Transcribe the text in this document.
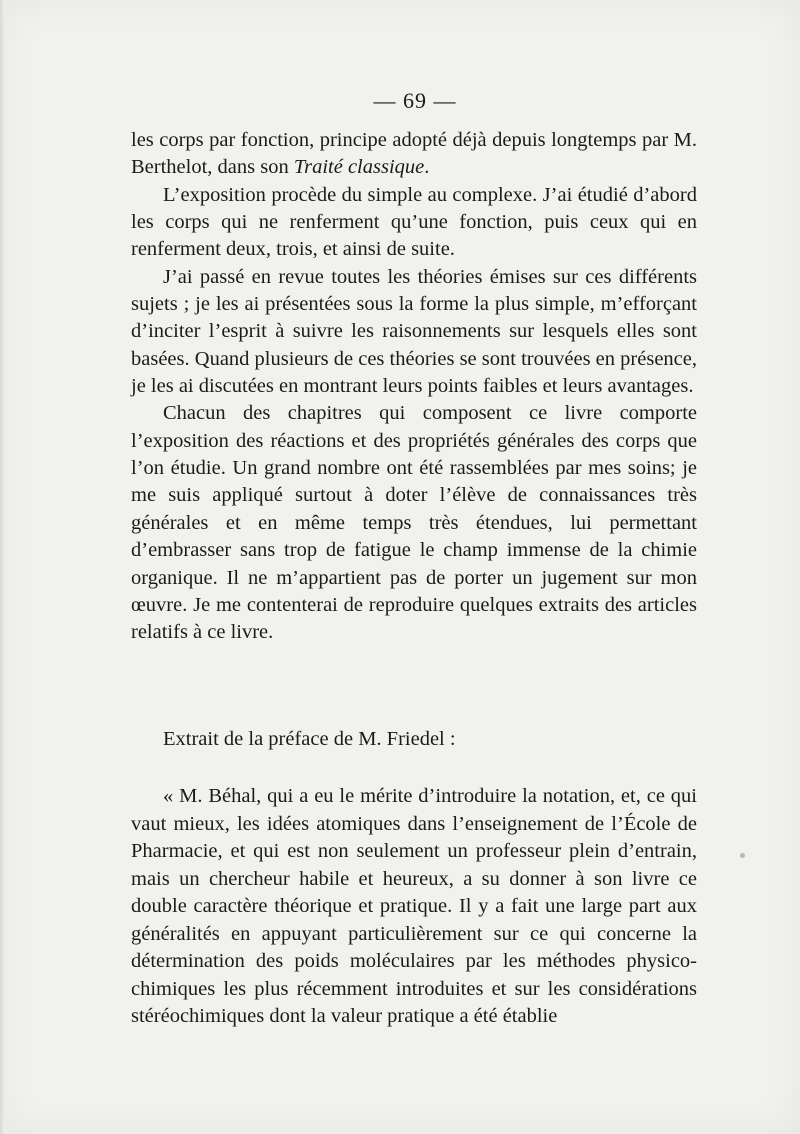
— 69 —

les corps par fonction, principe adopté déjà depuis longtemps par M. Berthelot, dans son Traité classique.

L’exposition procède du simple au complexe. J’ai étudié d’abord les corps qui ne renferment qu’une fonction, puis ceux qui en renferment deux, trois, et ainsi de suite.

J’ai passé en revue toutes les théories émises sur ces différents sujets ; je les ai présentées sous la forme la plus simple, m’efforçant d’inciter l’esprit à suivre les raisonnements sur lesquels elles sont basées. Quand plusieurs de ces théories se sont trouvées en présence, je les ai discutées en montrant leurs points faibles et leurs avantages.

Chacun des chapitres qui composent ce livre comporte l’exposition des réactions et des propriétés générales des corps que l’on étudie. Un grand nombre ont été rassemblées par mes soins; je me suis appliqué surtout à doter l’élève de connaissances très générales et en même temps très étendues, lui permettant d’embrasser sans trop de fatigue le champ immense de la chimie organique. Il ne m’appartient pas de porter un jugement sur mon œuvre. Je me contenterai de reproduire quelques extraits des articles relatifs à ce livre.

Extrait de la préface de M. Friedel :
« M. Béhal, qui a eu le mérite d’introduire la notation, et, ce qui vaut mieux, les idées atomiques dans l’enseignement de l’École de Pharmacie, et qui est non seulement un professeur plein d’entrain, mais un chercheur habile et heureux, a su donner à son livre ce double caractère théorique et pratique. Il y a fait une large part aux généralités en appuyant particulièrement sur ce qui concerne la détermination des poids moléculaires par les méthodes physico-chimiques les plus récemment introduites et sur les considérations stéréochimiques dont la valeur pratique a été établie
